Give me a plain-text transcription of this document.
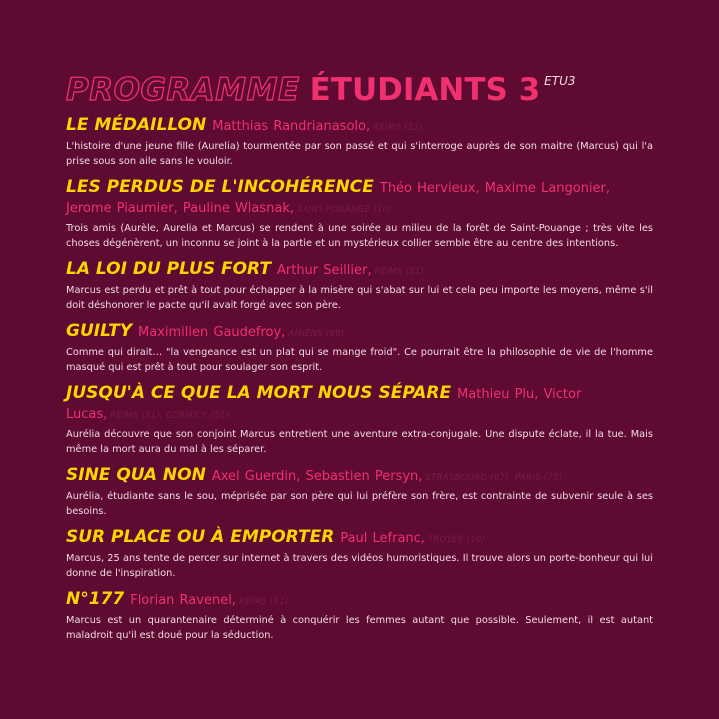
PROGRAMME ÉTUDIANTS 3 ETU3
LE MÉDAILLON Matthias Randrianasolo, REIMS (51)
L'histoire d'une jeune fille (Aurelia) tourmentée par son passé et qui s'interroge auprès de son maitre (Marcus) qui l'a prise sous son aile sans le vouloir.
LES PERDUS DE L'INCOHÉRENCE Théo Hervieux, Maxime Langonier, Jerome Piaumier, Pauline Wlasnak, SAINT-POUANGE (10)
Trois amis (Aurèle, Aurelia et Marcus) se rendent à une soirée au milieu de la forêt de Saint-Pouange ; très vite les choses dégénèrent, un inconnu se joint à la partie et un mystérieux collier semble être au centre des intentions.
LA LOI DU PLUS FORT Arthur Seillier, REIMS (51)
Marcus est perdu et prêt à tout pour échapper à la misère qui s'abat sur lui et cela peu importe les moyens, même s'il doit déshonorer le pacte qu'il avait forgé avec son père.
GUILTY Maximilien Gaudefroy, AMIENS (80)
Comme qui dirait… "la vengeance est un plat qui se mange froid". Ce pourrait être la philosophie de vie de l'homme masqué qui est prêt à tout pour soulager son esprit.
JUSQU'À CE QUE LA MORT NOUS SÉPARE Mathieu Plu, Victor Lucas, REIMS (51), CORMICY (51)
Aurélia découvre que son conjoint Marcus entretient une aventure extra-conjugale. Une dispute éclate, il la tue. Mais même la mort aura du mal à les séparer.
SINE QUA NON Axel Guerdin, Sebastien Persyn, STRASBOURG (67), PARIS (75)
Aurélia, étudiante sans le sou, méprisée par son père qui lui préfère son frère, est contrainte de subvenir seule à ses besoins.
SUR PLACE OU À EMPORTER Paul Lefranc, TROYES (10)
Marcus, 25 ans tente de percer sur internet à travers des vidéos humoristiques. Il trouve alors un porte-bonheur qui lui donne de l'inspiration.
N°177 Florian Ravenel, REIMS (51)
Marcus est un quarantenaire déterminé à conquérir les femmes autant que possible. Seulement, il est autant maladroit qu'il est doué pour la séduction.
